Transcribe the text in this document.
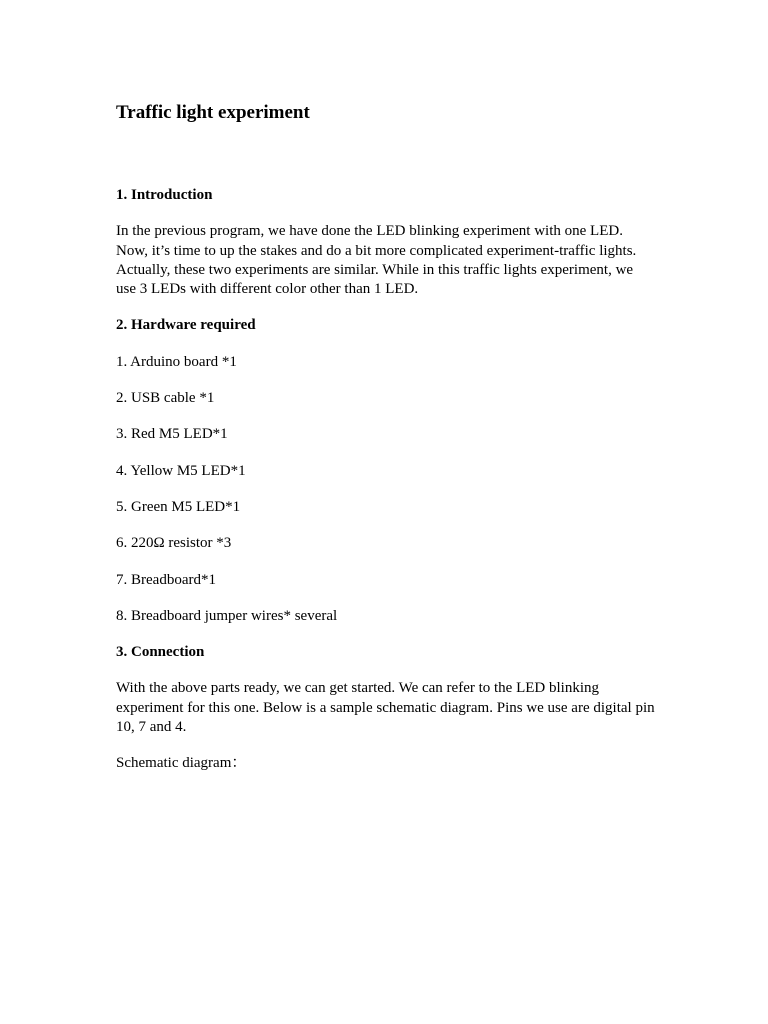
Traffic light experiment

1. Introduction

In the previous program, we have done the LED blinking experiment with one LED. Now, it’s time to up the stakes and do a bit more complicated experiment-traffic lights. Actually, these two experiments are similar. While in this traffic lights experiment, we use 3 LEDs with different color other than 1 LED.

2. Hardware required

1. Arduino board *1

2. USB cable *1

3. Red M5 LED*1

4. Yellow M5 LED*1

5. Green M5 LED*1

6. 220Ω resistor *3

7. Breadboard*1

8. Breadboard jumper wires* several

3. Connection

With the above parts ready, we can get started. We can refer to the LED blinking experiment for this one. Below is a sample schematic diagram. Pins we use are digital pin 10, 7 and 4.

Schematic diagram：
